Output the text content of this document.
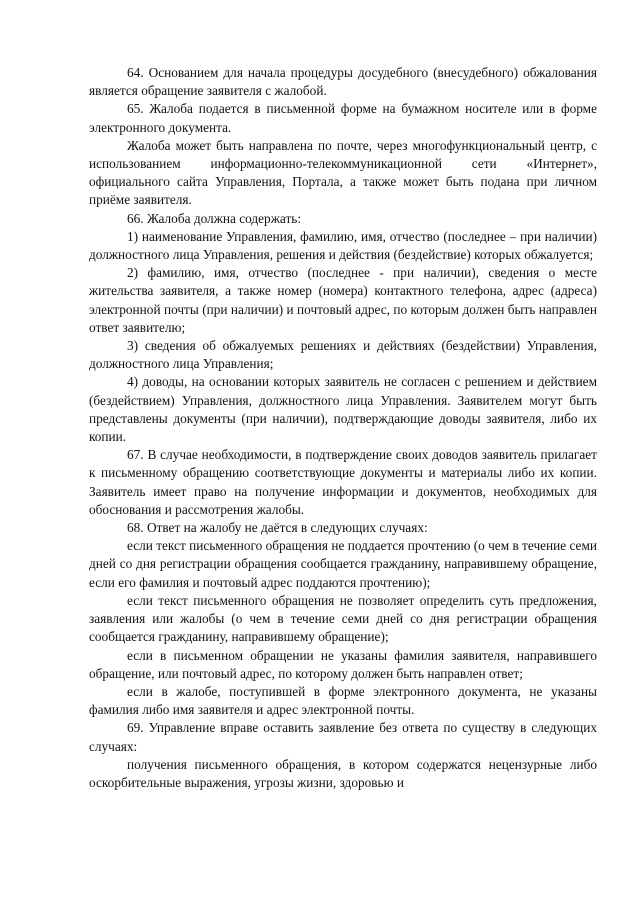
64. Основанием для начала процедуры досудебного (внесудебного) обжалования является обращение заявителя с жалобой.

65. Жалоба подается в письменной форме на бумажном носителе или в форме электронного документа.

Жалоба может быть направлена по почте, через многофункциональный центр, с использованием информационно-телекоммуникационной сети «Интернет», официального сайта Управления, Портала, а также может быть подана при личном приёме заявителя.

66. Жалоба должна содержать:

1) наименование Управления, фамилию, имя, отчество (последнее – при наличии) должностного лица Управления, решения и действия (бездействие) которых обжалуется;

2) фамилию, имя, отчество (последнее - при наличии), сведения о месте жительства заявителя, а также номер (номера) контактного телефона, адрес (адреса) электронной почты (при наличии) и почтовый адрес, по которым должен быть направлен ответ заявителю;

3) сведения об обжалуемых решениях и действиях (бездействии) Управления, должностного лица Управления;

4) доводы, на основании которых заявитель не согласен с решением и действием (бездействием) Управления, должностного лица Управления. Заявителем могут быть представлены документы (при наличии), подтверждающие доводы заявителя, либо их копии.

67. В случае необходимости, в подтверждение своих доводов заявитель прилагает к письменному обращению соответствующие документы и материалы либо их копии. Заявитель имеет право на получение информации и документов, необходимых для обоснования и рассмотрения жалобы.

68. Ответ на жалобу не даётся в следующих случаях:

если текст письменного обращения не поддается прочтению (о чем в течение семи дней со дня регистрации обращения сообщается гражданину, направившему обращение, если его фамилия и почтовый адрес поддаются прочтению);

если текст письменного обращения не позволяет определить суть предложения, заявления или жалобы (о чем в течение семи дней со дня регистрации обращения сообщается гражданину, направившему обращение);

если в письменном обращении не указаны фамилия заявителя, направившего обращение, или почтовый адрес, по которому должен быть направлен ответ;

если в жалобе, поступившей в форме электронного документа, не указаны фамилия либо имя заявителя и адрес электронной почты.

69. Управление вправе оставить заявление без ответа по существу в следующих случаях:

получения письменного обращения, в котором содержатся нецензурные либо оскорбительные выражения, угрозы жизни, здоровью и
